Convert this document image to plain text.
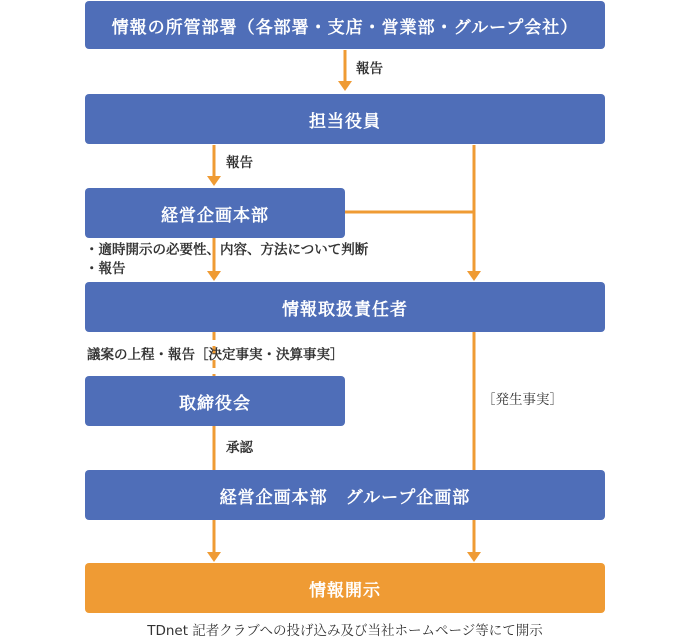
情報の所管部署（各部署・支店・営業部・グループ会社）
担当役員
経営企画本部
情報取扱責任者
取締役会
経営企画本部　グループ企画部
情報開示
報告
報告
・適時開示の必要性、内容、方法について判断
・報告
議案の上程・報告［決定事実・決算事実］
承認
［発生事実］
TDnet 記者クラブへの投げ込み及び当社ホームページ等にて開示
